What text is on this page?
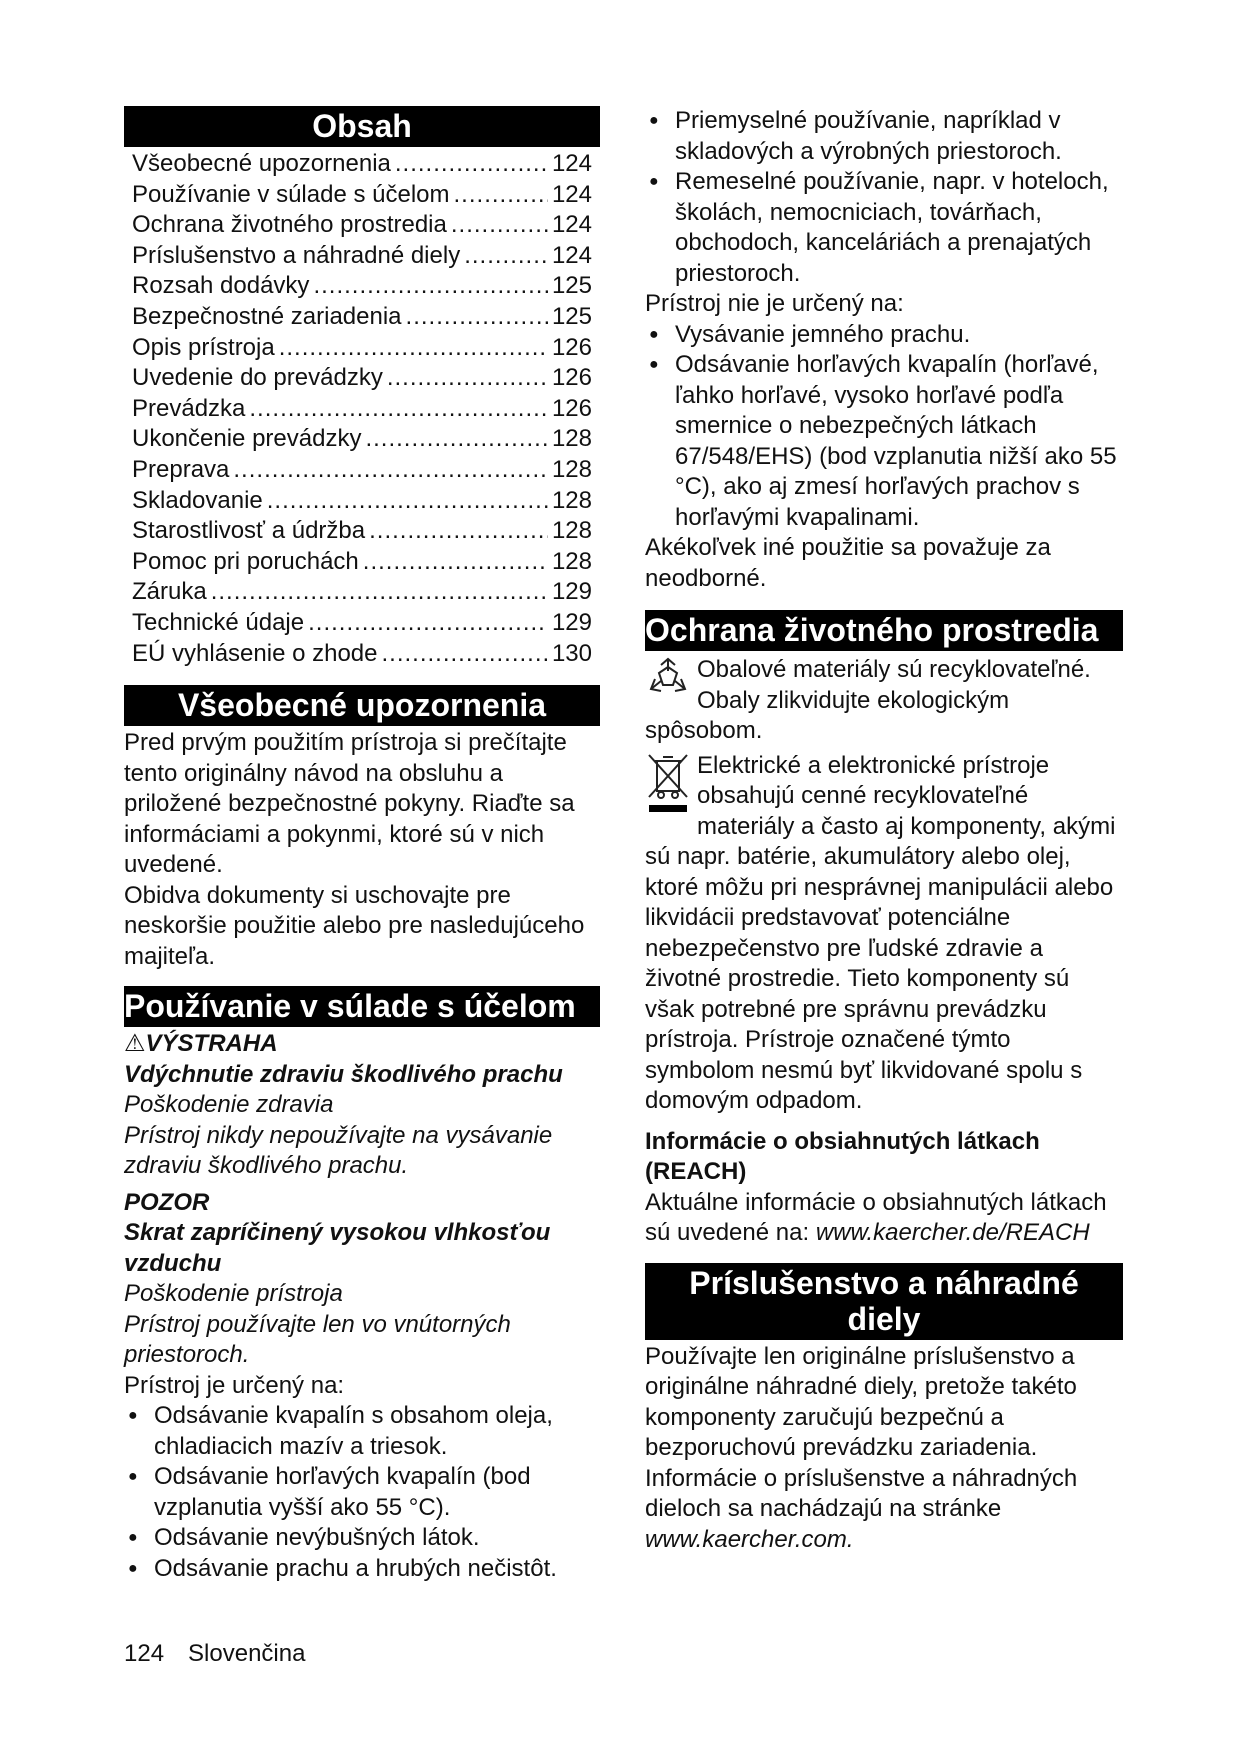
Obsah
Všeobecné upozornenia .....	124
Používanie v súlade s účelom .....	124
Ochrana životného prostredia .....	124
Príslušenstvo a náhradné diely .....	124
Rozsah dodávky .....	125
Bezpečnostné zariadenia .....	125
Opis prístroja .....	126
Uvedenie do prevádzky .....	126
Prevádzka .....	126
Ukončenie prevádzky .....	128
Preprava .....	128
Skladovanie .....	128
Starostlivosť a údržba .....	128
Pomoc pri poruchách .....	128
Záruka .....	129
Technické údaje .....	129
EÚ vyhlásenie o zhode .....	130
Všeobecné upozornenia

Pred prvým použitím prístroja si prečítajte tento originálny návod na obsluhu a priložené bezpečnostné pokyny. Riaďte sa informáciami a pokynmi, ktoré sú v nich uvedené.

Obidva dokumenty si uschovajte pre neskoršie použitie alebo pre nasledujúceho majiteľa.

Používanie v súlade s účelom

⚠VÝSTRAHA

Vdýchnutie zdraviu škodlivého prachu

Poškodenie zdravia

Prístroj nikdy nepoužívajte na vysávanie zdraviu škodlivého prachu.

POZOR

Skrat zapríčinený vysokou vlhkosťou vzduchu

Poškodenie prístroja

Prístroj používajte len vo vnútorných priestoroch.

Prístroj je určený na:

● Odsávanie kvapalín s obsahom oleja, chladiacich mazív a triesok.
● Odsávanie horľavých kvapalín (bod vzplanutia vyšší ako 55 °C).
● Odsávanie nevýbušných látok.
● Odsávanie prachu a hrubých nečistôt.
● Priemyselné používanie, napríklad v skladových a výrobných priestoroch.
● Remeselné používanie, napr. v hoteloch, školách, nemocniciach, továrňach, obchodoch, kanceláriách a prenajatých priestoroch.

Prístroj nie je určený na:

● Vysávanie jemného prachu.
● Odsávanie horľavých kvapalín (horľavé, ľahko horľavé, vysoko horľavé podľa smernice o nebezpečných látkach 67/548/EHS) (bod vzplanutia nižší ako 55 °C), ako aj zmesí horľavých prachov s horľavými kvapalinami.

Akékoľvek iné použitie sa považuje za neodborné.

Ochrana životného prostredia

Obalové materiály sú recyklovateľné. Obaly zlikvidujte ekologickým spôsobom.

Elektrické a elektronické prístroje obsahujú cenné recyklovateľné materiály a často aj komponenty, akými sú napr. batérie, akumulátory alebo olej, ktoré môžu pri nesprávnej manipulácii alebo likvidácii predstavovať potenciálne nebezpečenstvo pre ľudské zdravie a životné prostredie. Tieto komponenty sú však potrebné pre správnu prevádzku prístroja. Prístroje označené týmto symbolom nesmú byť likvidované spolu s domovým odpadom.

Informácie o obsiahnutých látkach (REACH)

Aktuálne informácie o obsiahnutých látkach sú uvedené na: www.kaercher.de/REACH

Príslušenstvo a náhradné diely

Používajte len originálne príslušenstvo a originálne náhradné diely, pretože takéto komponenty zaručujú bezpečnú a bezporuchovú prevádzku zariadenia.

Informácie o príslušenstve a náhradných dieloch sa nachádzajú na stránke

www.kaercher.com.

124 Slovenčina
